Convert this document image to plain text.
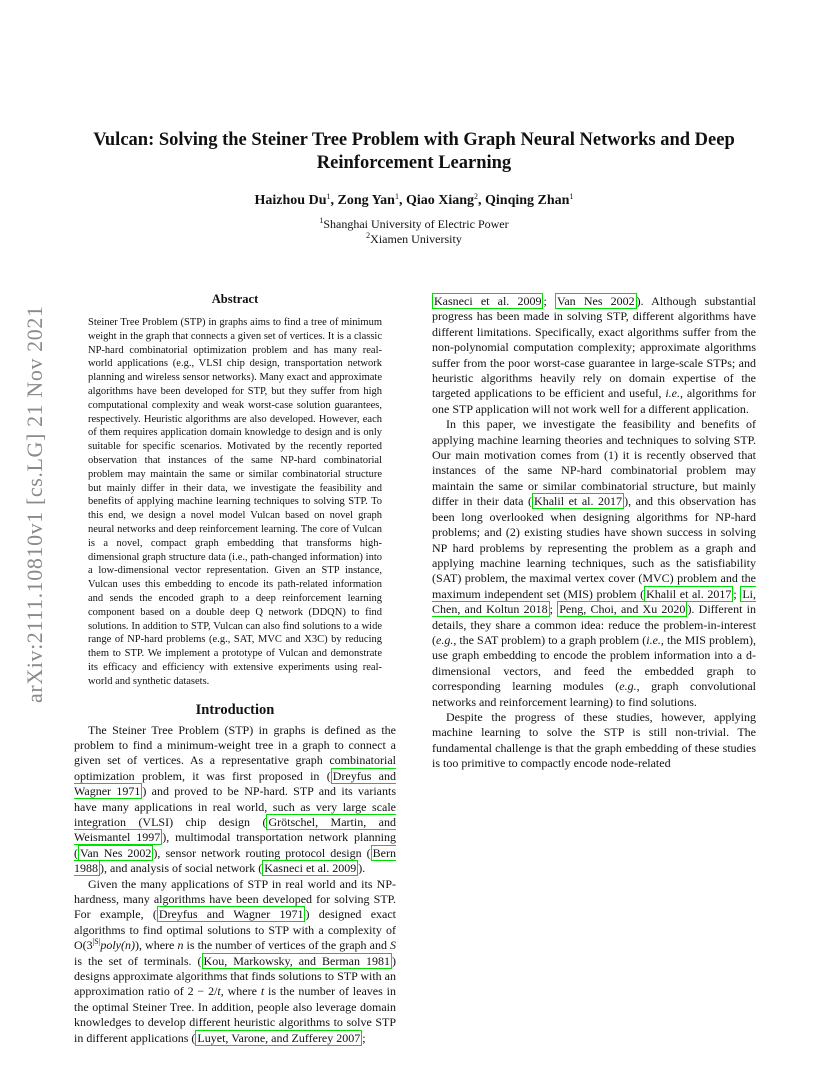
Vulcan: Solving the Steiner Tree Problem with Graph Neural Networks and Deep Reinforcement Learning
Haizhou Du$^1$, Zong Yan$^1$, Qiao Xiang$^2$, Qinqing Zhan$^1$
$^1$Shanghai University of Electric Power
$^2$Xiamen University
arXiv:2111.10810v1 [cs.LG] 21 Nov 2021
Abstract
Steiner Tree Problem (STP) in graphs aims to find a tree of minimum weight in the graph that connects a given set of vertices. It is a classic NP-hard combinatorial optimization problem and has many real-world applications (e.g., VLSI chip design, transportation network planning and wireless sensor networks). Many exact and approximate algorithms have been developed for STP, but they suffer from high computational complexity and weak worst-case solution guarantees, respectively. Heuristic algorithms are also developed. However, each of them requires application domain knowledge to design and is only suitable for specific scenarios. Motivated by the recently reported observation that instances of the same NP-hard combinatorial problem may maintain the same or similar combinatorial structure but mainly differ in their data, we investigate the feasibility and benefits of applying machine learning techniques to solving STP. To this end, we design a novel model Vulcan based on novel graph neural networks and deep reinforcement learning. The core of Vulcan is a novel, compact graph embedding that transforms high-dimensional graph structure data (i.e., path-changed information) into a low-dimensional vector representation. Given an STP instance, Vulcan uses this embedding to encode its path-related information and sends the encoded graph to a deep reinforcement learning component based on a double deep Q network (DDQN) to find solutions. In addition to STP, Vulcan can also find solutions to a wide range of NP-hard problems (e.g., SAT, MVC and X3C) by reducing them to STP. We implement a prototype of Vulcan and demonstrate its efficacy and efficiency with extensive experiments using real-world and synthetic datasets.
Introduction

The Steiner Tree Problem (STP) in graphs is defined as the problem to find a minimum-weight tree in a graph to connect a given set of vertices. As a representative graph combinatorial optimization problem, it was first proposed in ( Dreyfus and Wagner 1971 ) and proved to be NP-hard. STP and its variants have many applications in real world, such as very large scale integration (VLSI) chip design ( Grötschel, Martin, and Weismantel 1997 ), multimodal transportation network planning ( Van Nes 2002 ), sensor network routing protocol design ( Bern 1988 ), and analysis of social network ( Kasneci et al. 2009 ).

Given the many applications of STP in real world and its NP-hardness, many algorithms have been developed for solving STP. For example, ( Dreyfus and Wagner 1971 ) designed exact algorithms to find optimal solutions to STP with a complexity of $O(3^{|S|}poly(n))$, where n is the number of vertices of the graph and S is the set of terminals. ( Kou, Markowsky, and Berman 1981 ) designs approximate algorithms that finds solutions to STP with an approximation ratio of 2 − 2/t, where t is the number of leaves in the optimal Steiner Tree. In addition, people also leverage domain knowledges to develop different heuristic algorithms to solve STP in different applications ( Luyet, Varone, and Zufferey 2007 ;

Kasneci et al. 2009 ; Van Nes 2002 ). Although substantial progress has been made in solving STP, different algorithms have different limitations. Specifically, exact algorithms suffer from the non-polynomial computation complexity; approximate algorithms suffer from the poor worst-case guarantee in large-scale STPs; and heuristic algorithms heavily rely on domain expertise of the targeted applications to be efficient and useful, i.e., algorithms for one STP application will not work well for a different application.

In this paper, we investigate the feasibility and benefits of applying machine learning theories and techniques to solving STP. Our main motivation comes from (1) it is recently observed that instances of the same NP-hard combinatorial problem may maintain the same or similar combinatorial structure, but mainly differ in their data ( Khalil et al. 2017 ), and this observation has been long overlooked when designing algorithms for NP-hard problems; and (2) existing studies have shown success in solving NP hard problems by representing the problem as a graph and applying machine learning techniques, such as the satisfiability (SAT) problem, the maximal vertex cover (MVC) problem and the maximum independent set (MIS) problem ( Khalil et al. 2017 ; Li, Chen, and Koltun 2018 ; Peng, Choi, and Xu 2020 ). Different in details, they share a common idea: reduce the problem-in-interest (e.g., the SAT problem) to a graph problem (i.e., the MIS problem), use graph embedding to encode the problem information into a d-dimensional vectors, and feed the embedded graph to corresponding learning modules (e.g., graph convolutional networks and reinforcement learning) to find solutions.

Despite the progress of these studies, however, applying machine learning to solve the STP is still non-trivial. The fundamental challenge is that the graph embedding of these studies is too primitive to compactly encode node-related
